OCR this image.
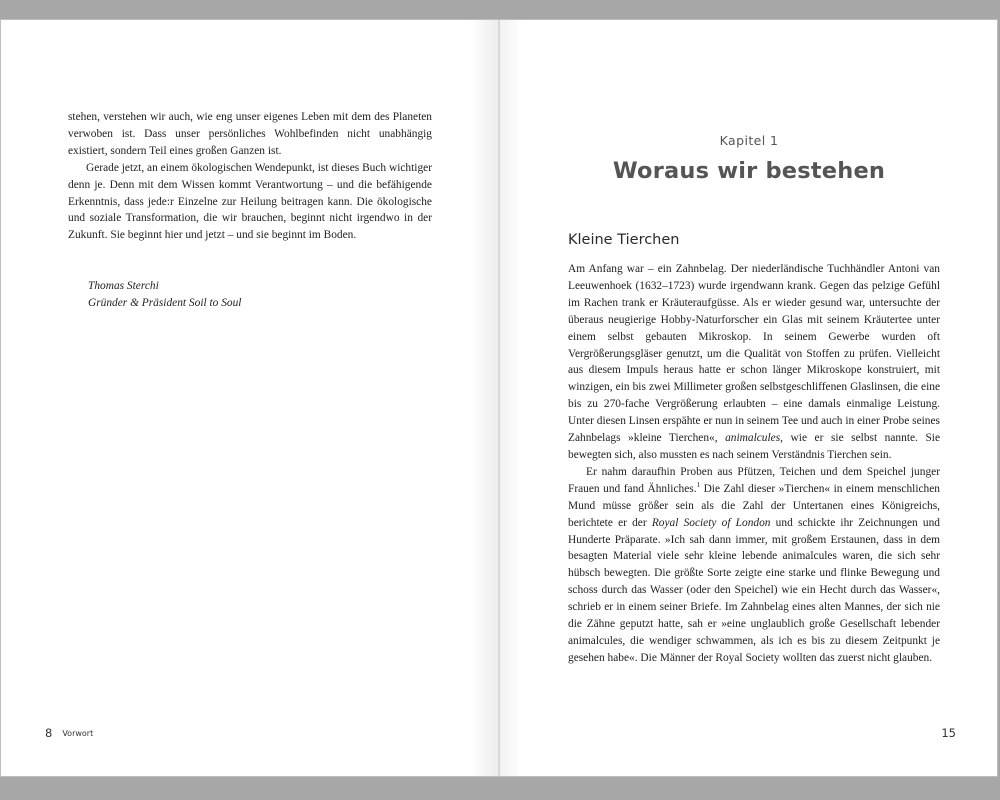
stehen, verstehen wir auch, wie eng unser eigenes Leben mit dem des Planeten verwoben ist. Dass unser persönliches Wohlbefinden nicht unabhängig existiert, sondern Teil eines großen Ganzen ist.

Gerade jetzt, an einem ökologischen Wendepunkt, ist dieses Buch wichtiger denn je. Denn mit dem Wissen kommt Verantwortung – und die befähigende Erkenntnis, dass jede:r Einzelne zur Heilung beitragen kann. Die ökologische und soziale Transformation, die wir brauchen, beginnt nicht irgendwo in der Zukunft. Sie beginnt hier und jetzt – und sie beginnt im Boden.

Thomas Sterchi
Gründer & Präsident Soil to Soul
8 Vorwort
Kapitel 1
Woraus wir bestehen
Kleine Tierchen

Am Anfang war – ein Zahnbelag. Der niederländische Tuchhändler Antoni van Leeuwenhoek (1632–1723) wurde irgendwann krank. Gegen das pelzige Gefühl im Rachen trank er Kräuteraufgüsse. Als er wieder gesund war, untersuchte der überaus neugierige Hobby-Naturforscher ein Glas mit seinem Kräutertee unter einem selbst gebauten Mikroskop. In seinem Gewerbe wurden oft Vergrößerungsgläser genutzt, um die Qualität von Stoffen zu prüfen. Vielleicht aus diesem Impuls heraus hatte er schon länger Mikroskope konstruiert, mit winzigen, ein bis zwei Millimeter großen selbstgeschliffenen Glaslinsen, die eine bis zu 270-fache Vergrößerung erlaubten – eine damals einmalige Leistung. Unter diesen Linsen erspähte er nun in seinem Tee und auch in einer Probe seines Zahnbelags »kleine Tierchen«, animalcules, wie er sie selbst nannte. Sie bewegten sich, also mussten es nach seinem Verständnis Tierchen sein.

Er nahm daraufhin Proben aus Pfützen, Teichen und dem Speichel junger Frauen und fand Ähnliches.$^1$ Die Zahl dieser »Tierchen« in einem menschlichen Mund müsse größer sein als die Zahl der Untertanen eines Königreichs, berichtete er der Royal Society of London und schickte ihr Zeichnungen und Hunderte Präparate. »Ich sah dann immer, mit großem Erstaunen, dass in dem besagten Material viele sehr kleine lebende animalcules waren, die sich sehr hübsch bewegten. Die größte Sorte zeigte eine starke und flinke Bewegung und schoss durch das Wasser (oder den Speichel) wie ein Hecht durch das Wasser«, schrieb er in einem seiner Briefe. Im Zahnbelag eines alten Mannes, der sich nie die Zähne geputzt hatte, sah er »eine unglaublich große Gesellschaft lebender animalcules, die wendiger schwammen, als ich es bis zu diesem Zeitpunkt je gesehen habe«. Die Männer der Royal Society wollten das zuerst nicht glauben.

15
